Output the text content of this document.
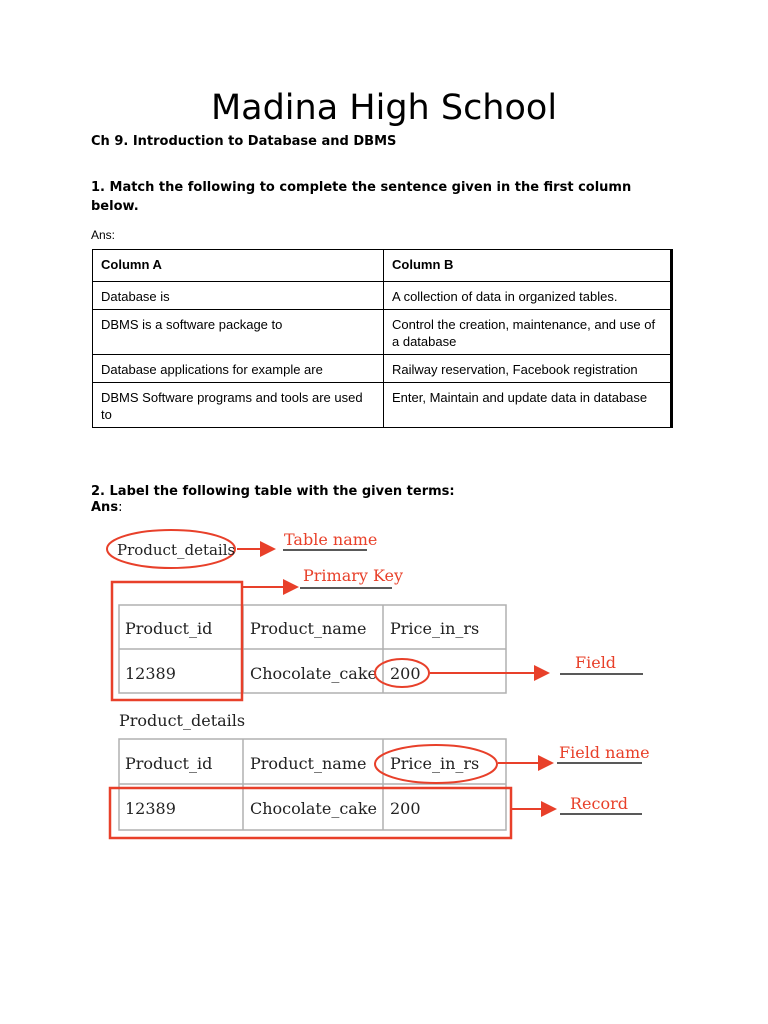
Madina High School
Ch 9. Introduction to Database and DBMS
1. Match the following to complete the sentence given in the first column below.
Ans:
Column A	Column B
Database is	A collection of data in organized tables.
DBMS is a software package to	Control the creation, maintenance, and use of a database
Database applications for example are	Railway reservation, Facebook registration
DBMS Software programs and tools are used to	Enter, Maintain and update data in database
2. Label the following table with the given terms:
Ans:
Product_details
Table name
Primary Key
Product_id Product_name Price_in_rs
12389	Chocolate_cake 200
Field
Product_details
Product_id Product_name Price_in_rs
12389	Chocolate_cake 200
Field name
Record
